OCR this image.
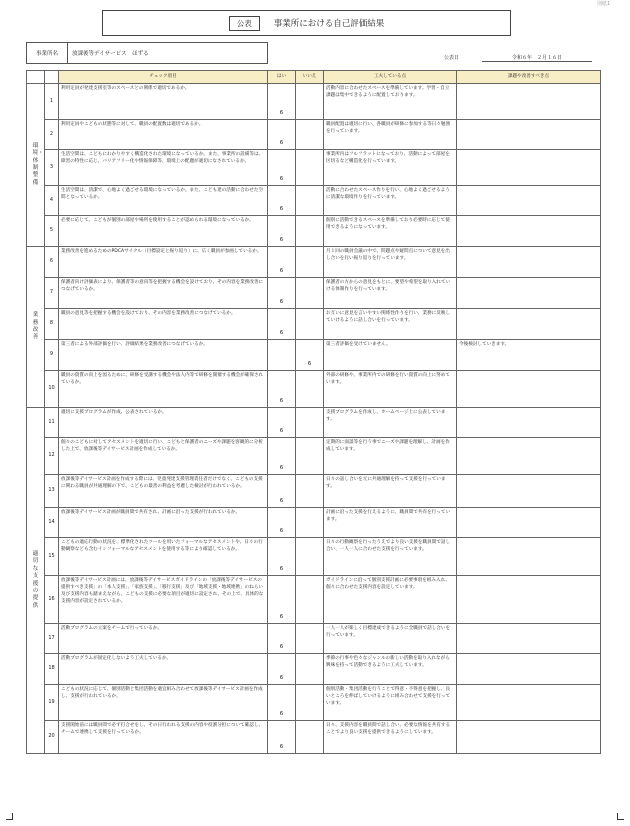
別紙1
公表	事業所における自己評価結果
事業所名	放課後等デイサービス　ほずる
公表日	令和６年　２月１６日
		チェック項目	はい	いいえ	工夫している点	課題や改善すべき点

環境・体制整備	1	利用定員が発達支援室等のスペースとの関係で適切であるか。	6		活動内容に合わせたスペースを準備しています。学習・自立課題は集中できるように配置しております。	
	2	利用定員やこどもの状態等に対して、職員の配置数は適切であるか。	6		職員配置は適切に行い、各職員が研修に参加する等日々勉強を行っています。	
	3	生活空間は、こどもにわかりやすく構造化された環境になっているか。また、事業所の設備等は、障害の特性に応じ、バリアフリー化や情報保障等、環境上の配慮が適切になされているか。	6		事業所内はフルフラットになっており、活動によって部屋を区切るなど構造化を行っています。	
	4	生活空間は、清潔で、心地よく過ごせる環境になっているか。また、こども達の活動に合わせた空間となっているか。	6		活動に合わせたスペース作りを行い、心地よく過ごせるように清潔な環境作りを行っています。	
	5	必要に応じて、こどもが個別の部屋や場所を使用することが認められる環境になっているか。	6		個別に活動できるスペースを準備しており必要時に応じて使用できるようになっています。	

業務改善	6	業務改善を進めるためのPDCAサイクル（目標設定と振り返り）に、広く職員が参画しているか。	6		月１回の職員会議の中で、問題点や疑問点について意見を出し合いを行い振り返りを行っています。	
	7	保護者向け評価表により、保護者等の意向等を把握する機会を設けており、その内容を業務改善につなげているか。	6		保護者の方からの意見をもとに、要望や希望を取り入れていける体制作りを行っています。	
	8	職員の意見等を把握する機会を設けており、その内容を業務改善につなげているか。	6		お互いに意見を言いやすい関係性作りを行い、業務に反映していけるように話し合いを行っています。	
	9	第三者による外部評価を行い、評価結果を業務改善につなげているか。		6	第三者評価を受けていません。	今後検討していきます。
	10	職員の資質の向上を図るために、研修を受講する機会や法人内等で研修を開催する機会が確保されているか。	6		外部の研修や、事業所内での研修を行い資質の向上に努めています。	

適切な支援の提供	11	適切に支援プログラムが作成、公表されているか。	6		支援プログラムを作成し、ホームページ上に公表しています。	
	12	個々のこどもに対してアセスメントを適切に行い、こどもと保護者のニーズや課題を客観的に分析した上で、放課後等デイサービス計画を作成しているか。	6		定期的に面談等を行う事でニーズや課題を理解し、計画を作成しています。	
	13	放課後等デイサービス計画を作成する際には、児童発達支援管理責任者だけでなく、こどもの支援に関わる職員が共通理解の下で、こどもの最善の利益を考慮した検討が行われているか。	6		日々の話し合いを元に共通理解を持って支援を行っています。	
	14	放課後等デイサービス計画が職員間で共有され、計画に沿った支援が行われているか。	6		計画に沿った支援を行えるように、職員間で共有を行っています。	
	15	こどもの適応行動の状況を、標準化されたツールを用いたフォーマルなアセスメントや、日々の行動観察なども含むインフォーマルなアセスメントを使用する等により確認しているか。	6		日々の行動観察を行ったうえでより良い支援を職員間で話し合い、一人一人に合わせた支援を行っています。	
	16	放課後等デイサービス計画には、放課後等デイサービスガイドラインの「放課後等デイサービスの提供すべき支援」の「本人支援」、「家族支援」、「移行支援」及び「地域支援・地域連携」のねらい及び支援内容も踏まえながら、こどもの支援に必要な項目が適切に設定され、その上で、具体的な支援内容が設定されているか。	6		ガイドラインに沿って個別支援計画に必要事項を組み入れ、個々に合わせた支援内容を設定しています。	
	17	活動プログラムの立案をチームで行っているか。	6		一人一人が楽しく目標達成できるように全職員で話し合いを行っています。	
	18	活動プログラムが固定化しないよう工夫しているか。	6		季節の行事や色々なジャンルの新しい活動を取り入れながら興味を持って活動できるように工夫しています。	
	19	こどもの状況に応じて、個別活動と集団活動を適宜組み合わせて放課後等デイサービス計画を作成し、支援が行われているか。	6		個別活動・集団活動を行うことで得意・不得意を把握し、良いところを伸ばしていけるように組み合わせて支援を行っています。	
	20	支援開始前には職員間で必ず打合せをし、その日行われる支援の内容や役割分担について確認し、チームで連携して支援を行っているか。	6		日々、支援内容を職員間で話し合い、必要な情報を共有することでより良い支援を提供できるようにしています。	
